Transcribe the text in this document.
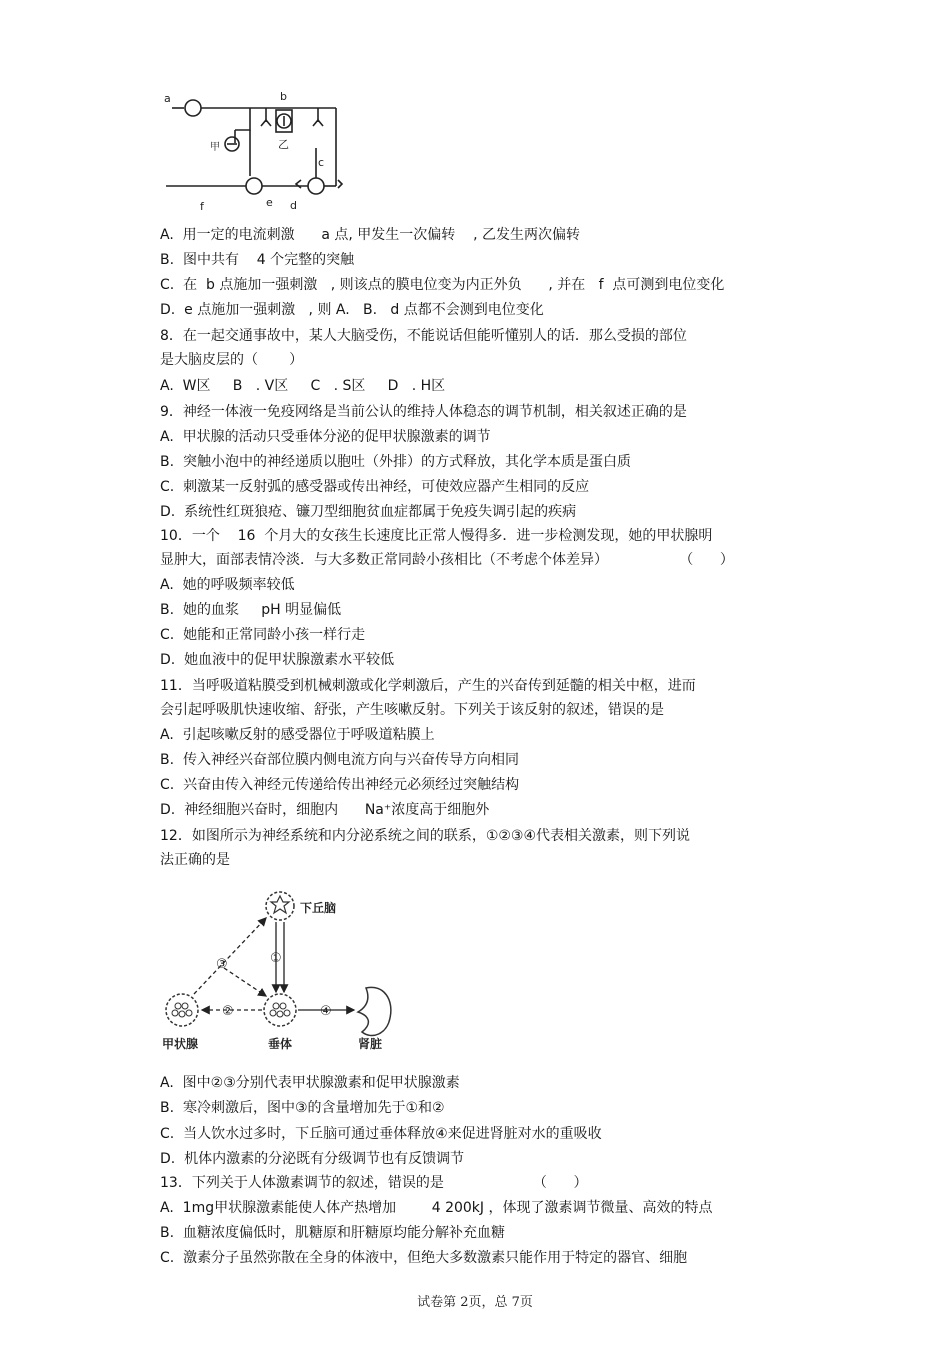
a	b
c
d
e
f
甲	乙
A.  用一定的电流刺激      a 点, 甲发生一次偏转    , 乙发生两次偏转
B.  图中共有    4 个完整的突触
C.  在  b 点施加一强刺激   , 则该点的膜电位变为内正外负      , 并在   f  点可测到电位变化
D.  e 点施加一强刺激   , 则 A.   B.   d 点都不会测到电位变化
8．在一起交通事故中，某人大脑受伤，不能说话但能听懂别人的话．那么受损的部位
是大脑皮层的（       ）
A.  W区     B   . V区     C   . S区     D   . H区
9．神经一体液一免疫网络是当前公认的维持人体稳态的调节机制，相关叙述正确的是
A.  甲状腺的活动只受垂体分泌的促甲状腺激素的调节
B.  突触小泡中的神经递质以胞吐（外排）的方式释放，其化学本质是蛋白质
C.  刺激某一反射弧的感受器或传出神经，可使效应器产生相同的反应
D.  系统性红斑狼疮、镰刀型细胞贫血症都属于免疫失调引起的疾病
10．一个    16  个月大的女孩生长速度比正常人慢得多．进一步检测发现，她的甲状腺明
显肿大，面部表情冷淡．与大多数正常同龄小孩相比（不考虑个体差异）                （      ）
A.  她的呼吸频率较低
B.  她的血浆     pH 明显偏低
C.  她能和正常同龄小孩一样行走
D.  她血液中的促甲状腺激素水平较低
11．当呼吸道粘膜受到机械刺激或化学刺激后，产生的兴奋传到延髓的相关中枢，进而
会引起呼吸肌快速收缩、舒张，产生咳嗽反射。下列关于该反射的叙述，错误的是
A.  引起咳嗽反射的感受器位于呼吸道粘膜上
B.  传入神经兴奋部位膜内侧电流方向与兴奋传导方向相同
C.  兴奋由传入神经元传递给传出神经元必须经过突触结构
D.  神经细胞兴奋时，细胞内      Na⁺浓度高于细胞外
12．如图所示为神经系统和内分泌系统之间的联系，①②③④代表相关激素，则下列说
法正确的是
下丘脑
甲状腺	垂体	肾脏
①
②
③
④
A.  图中②③分别代表甲状腺激素和促甲状腺激素
B.  寒冷刺激后，图中③的含量增加先于①和②
C.  当人饮水过多时，下丘脑可通过垂体释放④来促进肾脏对水的重吸收
D.  机体内激素的分泌既有分级调节也有反馈调节
13．下列关于人体激素调节的叙述，错误的是                    （      ）
A.  1mg甲状腺激素能使人体产热增加        4 200kJ ，体现了激素调节微量、高效的特点
B.  血糖浓度偏低时，肌糖原和肝糖原均能分解补充血糖
C.  激素分子虽然弥散在全身的体液中，但绝大多数激素只能作用于特定的器官、细胞
试卷第 2页，总 7页
